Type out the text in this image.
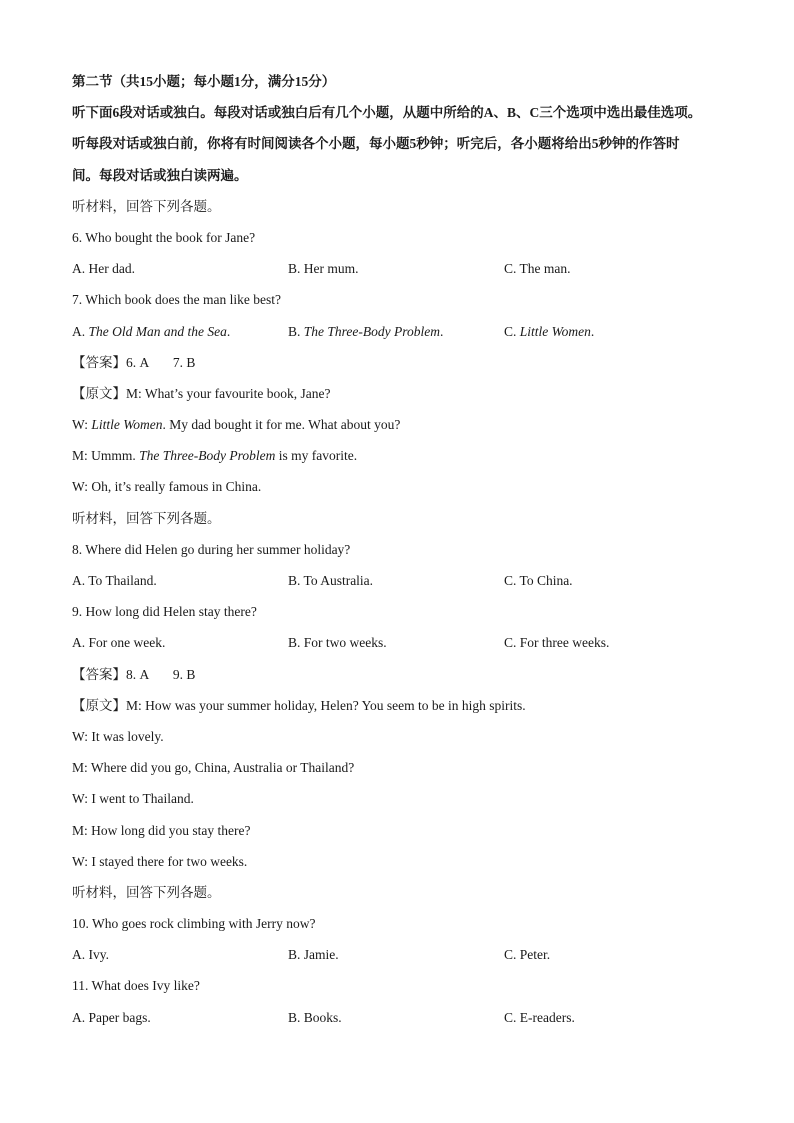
第二节（共15小题；每小题1分，满分15分）
听下面6段对话或独白。每段对话或独白后有几个小题，从题中所给的A、B、C三个选项中选出最佳选项。
听每段对话或独白前，你将有时间阅读各个小题，每小题5秒钟；听完后，各小题将给出5秒钟的作答时
间。每段对话或独白读两遍。
听材料，回答下列各题。
6. Who bought the book for Jane?
A. Her dad.	B. Her mum.	C. The man.
7. Which book does the man like best?
A. The Old Man and the Sea.	B. The Three-Body Problem.	C. Little Women.
【答案】6. A       7. B
【原文】M: What’s your favourite book, Jane?
W: Little Women. My dad bought it for me. What about you?
M: Ummm. The Three-Body Problem is my favorite.
W: Oh, it’s really famous in China.
听材料，回答下列各题。
8. Where did Helen go during her summer holiday?
A. To Thailand.	B. To Australia.	C. To China.
9. How long did Helen stay there?
A. For one week.	B. For two weeks.	C. For three weeks.
【答案】8. A       9. B
【原文】M: How was your summer holiday, Helen? You seem to be in high spirits.
W: It was lovely.
M: Where did you go, China, Australia or Thailand?
W: I went to Thailand.
M: How long did you stay there?
W: I stayed there for two weeks.
听材料，回答下列各题。
10. Who goes rock climbing with Jerry now?
A. Ivy.	B. Jamie.	C. Peter.
11. What does Ivy like?
A. Paper bags.	B. Books.	C. E-readers.
